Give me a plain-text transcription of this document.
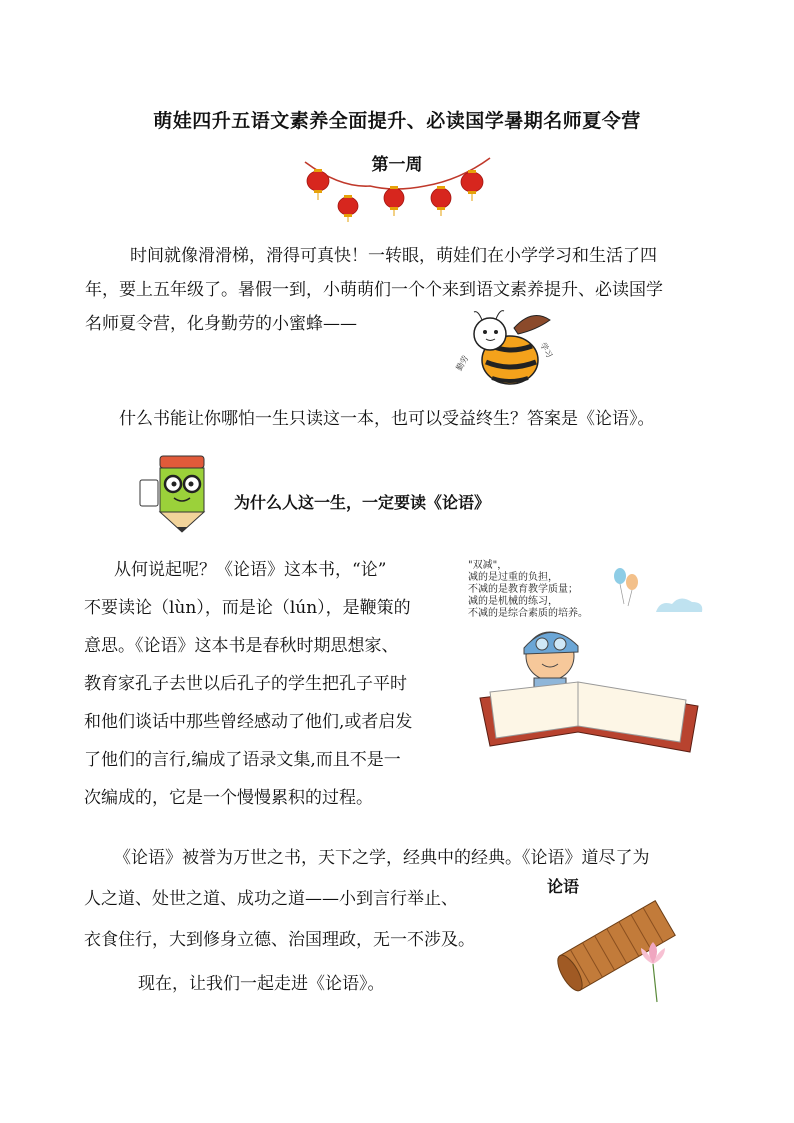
萌娃四升五语文素养全面提升、必读国学暑期名师夏令营
第一周
时间就像滑滑梯，滑得可真快！一转眼，萌娃们在小学学习和生活了四
年，要上五年级了。暑假一到，小萌萌们一个个来到语文素养提升、必读国学
名师夏令营，化身勤劳的小蜜蜂——
勤劳
学习
什么书能让你哪怕一生只读这一本，也可以受益终生？答案是《论语》。
为什么人这一生，一定要读《论语》
从何说起呢？《论语》这本书，“论”
不要读论（lùn），而是论（lún），是鞭策的
意思。《论语》这本书是春秋时期思想家、
教育家孔子去世以后孔子的学生把孔子平时
和他们谈话中那些曾经感动了他们,或者启发
了他们的言行,编成了语录文集,而且不是一
次编成的，它是一个慢慢累积的过程。
"双减"，
减的是过重的负担，
不减的是教育教学质量；
减的是机械的练习，
不减的是综合素质的培养。
《论语》被誉为万世之书，天下之学，经典中的经典。《论语》道尽了为
人之道、处世之道、成功之道——小到言行举止、
衣食住行，大到修身立德、治国理政，无一不涉及。
论语
现在，让我们一起走进《论语》。
